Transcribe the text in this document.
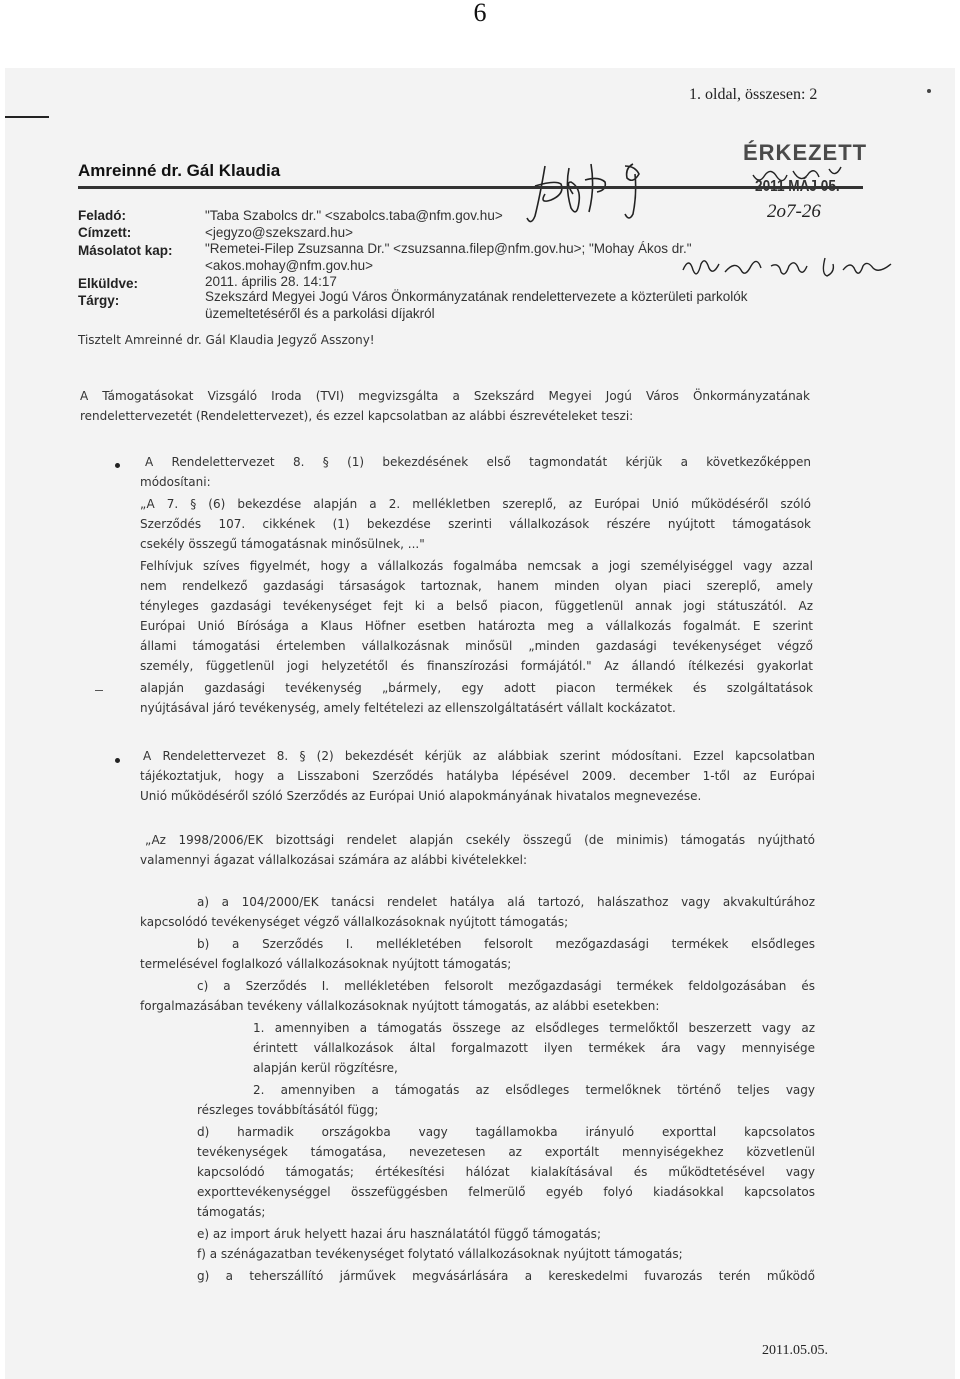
6
1. oldal, összesen: 2
ÉRKEZETT
2o7-26
Amreinné dr. Gál Klaudia
Feladó:	"Taba Szabolcs dr." <szabolcs.taba@nfm.gov.hu>
Címzett:	<jegyzo@szekszard.hu>
Másolatot kap: "Remetei-Filep Zsuzsanna Dr." <zsuzsanna.filep@nfm.gov.hu>; "Mohay Ákos dr."
<akos.mohay@nfm.gov.hu>
Elküldve:	2011. április 28. 14:17
Tárgy:	Szekszárd Megyei Jogú Város Önkormányzatának rendelettervezete a közterületi parkolók
üzemeltetéséről és a parkolási díjakról
Tisztelt Amreinné dr. Gál Klaudia Jegyző Asszony!
A Támogatásokat Vizsgáló Iroda (TVI) megvizsgálta a Szekszárd Megyei Jogú Város Önkormányzatának
rendelettervezetét (Rendelettervezet), és ezzel kapcsolatban az alábbi észrevételeket teszi:
A Rendelettervezet 8. § (1) bekezdésének első tagmondatát kérjük a következőképpen
módosítani:
„A 7. § (6) bekezdése alapján a 2. mellékletben szereplő, az Európai Unió működéséről szóló
Szerződés 107. cikkének (1) bekezdése szerinti vállalkozások részére nyújtott támogatások
csekély összegű támogatásnak minősülnek, ..."
Felhívjuk szíves figyelmét, hogy a vállalkozás fogalmába nemcsak a jogi személyiséggel vagy azzal
nem rendelkező gazdasági társaságok tartoznak, hanem minden olyan piaci szereplő, amely
tényleges gazdasági tevékenységet fejt ki a belső piacon, függetlenül annak jogi státuszától. Az
Európai Unió Bírósága a Klaus Höfner esetben határozta meg a vállalkozás fogalmát. E szerint
állami támogatási értelemben vállalkozásnak minősül „minden gazdasági tevékenységet végző
személy, függetlenül jogi helyzetétől és finanszírozási formájától." Az állandó ítélkezési gyakorlat
alapján gazdasági tevékenység „bármely, egy adott piacon termékek és szolgáltatások
nyújtásával járó tevékenység, amely feltételezi az ellenszolgáltatásért vállalt kockázatot.
A Rendelettervezet 8. § (2) bekezdését kérjük az alábbiak szerint módosítani. Ezzel kapcsolatban
tájékoztatjuk, hogy a Lisszaboni Szerződés hatályba lépésével 2009. december 1-től az Európai
Unió működéséről szóló Szerződés az Európai Unió alapokmányának hivatalos megnevezése.
„Az 1998/2006/EK bizottsági rendelet alapján csekély összegű (de minimis) támogatás nyújtható
valamennyi ágazat vállalkozásai számára az alábbi kivételekkel:
a) a 104/2000/EK tanácsi rendelet hatálya alá tartozó, halászathoz vagy akvakultúrához
kapcsolódó tevékenységet végző vállalkozásoknak nyújtott támogatás;
b) a Szerződés I. mellékletében felsorolt mezőgazdasági termékek elsődleges
termelésével foglalkozó vállalkozásoknak nyújtott támogatás;
c) a Szerződés I. mellékletében felsorolt mezőgazdasági termékek feldolgozásában és
forgalmazásában tevékeny vállalkozásoknak nyújtott támogatás, az alábbi esetekben:
1. amennyiben a támogatás összege az elsődleges termelőktől beszerzett vagy az
érintett vállalkozások által forgalmazott ilyen termékek ára vagy mennyisége
alapján kerül rögzítésre,
2. amennyiben a támogatás az elsődleges termelőknek történő teljes vagy
részleges továbbításától függ;
d) harmadik országokba vagy tagállamokba irányuló exporttal kapcsolatos
tevékenységek támogatása, nevezetesen az exportált mennyiségekhez közvetlenül
kapcsolódó támogatás; értékesítési hálózat kialakításával és működtetésével vagy
exporttevékenységgel összefüggésben felmerülő egyéb folyó kiadásokkal kapcsolatos
támogatás;
e) az import áruk helyett hazai áru használatától függő támogatás;
f) a szénágazatban tevékenységet folytató vállalkozásoknak nyújtott támogatás;
g) a teherszállító járművek megvásárlására a kereskedelmi fuvarozás terén működő
2011.05.05.
